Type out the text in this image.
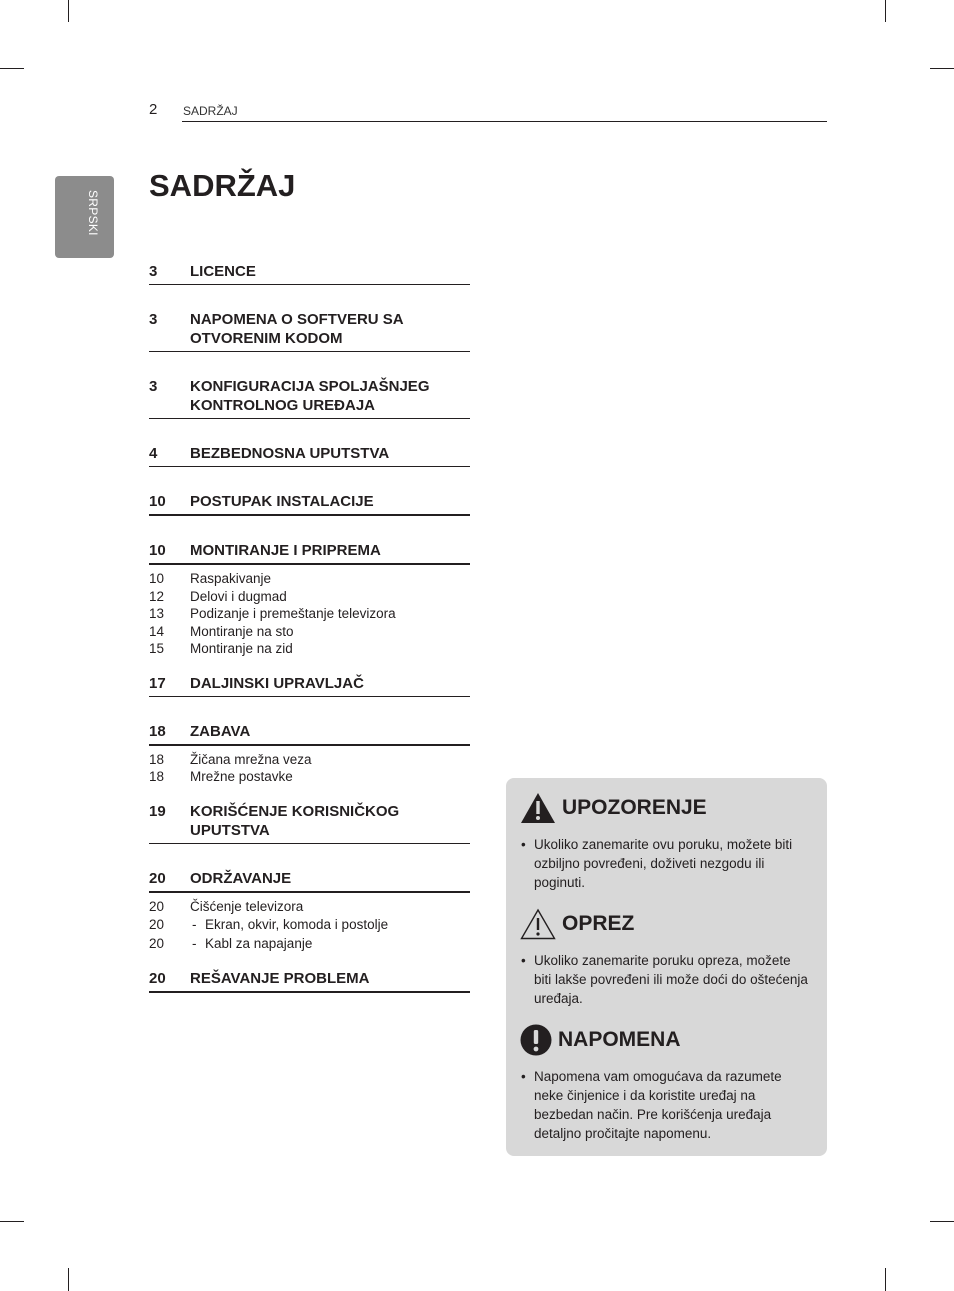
2 SADRŽAJ
SRPSKI
SADRŽAJ
3	LICENCE
3	NAPOMENA O SOFTVERU SA
OTVORENIM KODOM
3	KONFIGURACIJA SPOLJAŠNJEG
KONTROLNOG UREĐAJA
4	BEZBEDNOSNA UPUTSTVA
10	POSTUPAK INSTALACIJE
10	MONTIRANJE I PRIPREMA
10	Raspakivanje
12	Delovi i dugmad
13	Podizanje i premeštanje televizora
14	Montiranje na sto
15	Montiranje na zid
17	DALJINSKI UPRAVLJAČ
18	ZABAVA
18	Žičana mrežna veza
18	Mrežne postavke
19	KORIŠĆENJE KORISNIČKOG
UPUTSTVA
20	ODRŽAVANJE
20	Čišćenje televizora
20	- Ekran, okvir, komoda i postolje
20	- Kabl za napajanje
20	REŠAVANJE PROBLEMA
UPOZORENJE
• Ukoliko zanemarite ovu poruku, možete biti ozbiljno povređeni, doživeti nezgodu ili poginuti.
OPREZ
• Ukoliko zanemarite poruku opreza, možete biti lakše povređeni ili može doći do oštećenja uređaja.
NAPOMENA
• Napomena vam omogućava da razumete neke činjenice i da koristite uređaj na bezbedan način. Pre korišćenja uređaja detaljno pročitajte napomenu.
